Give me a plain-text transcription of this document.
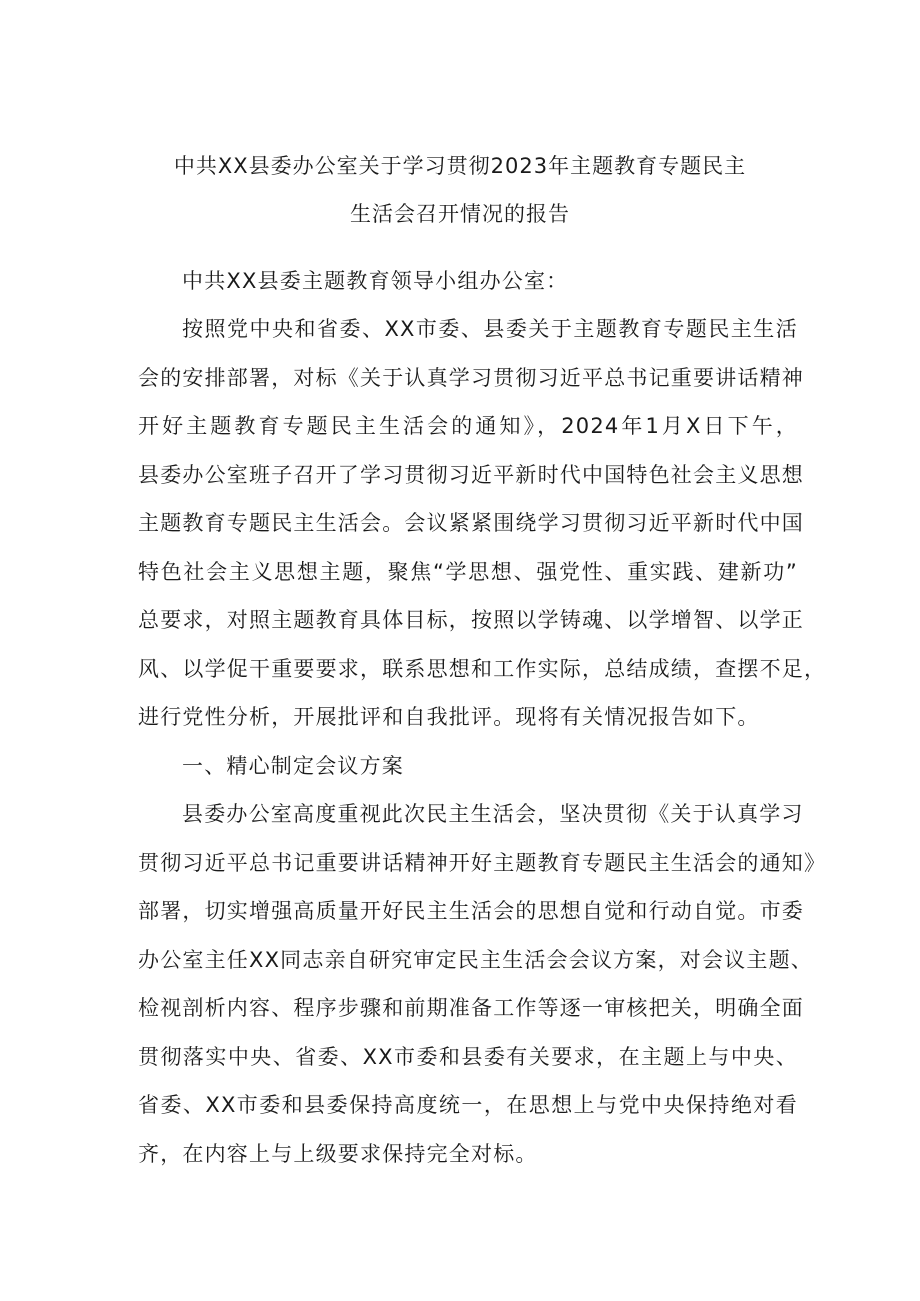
中共XX县委办公室关于学习贯彻2023年主题教育专题民主
生活会召开情况的报告
中共XX县委主题教育领导小组办公室：
按照党中央和省委、XX市委、县委关于主题教育专题民主生活
会的安排部署，对标《关于认真学习贯彻习近平总书记重要讲话精神
开好主题教育专题民主生活会的通知》，2024年1月X日下午，
县委办公室班子召开了学习贯彻习近平新时代中国特色社会主义思想
主题教育专题民主生活会。会议紧紧围绕学习贯彻习近平新时代中国
特色社会主义思想主题，聚焦“学思想、强党性、重实践、建新功”
总要求，对照主题教育具体目标，按照以学铸魂、以学增智、以学正
风、以学促干重要要求，联系思想和工作实际，总结成绩，查摆不足，
进行党性分析，开展批评和自我批评。现将有关情况报告如下。
一、精心制定会议方案
县委办公室高度重视此次民主生活会，坚决贯彻《关于认真学习
贯彻习近平总书记重要讲话精神开好主题教育专题民主生活会的通知》
部署，切实增强高质量开好民主生活会的思想自觉和行动自觉。市委
办公室主任XX同志亲自研究审定民主生活会会议方案，对会议主题、
检视剖析内容、程序步骤和前期准备工作等逐一审核把关，明确全面
贯彻落实中央、省委、XX市委和县委有关要求，在主题上与中央、
省委、XX市委和县委保持高度统一，在思想上与党中央保持绝对看
齐，在内容上与上级要求保持完全对标。
